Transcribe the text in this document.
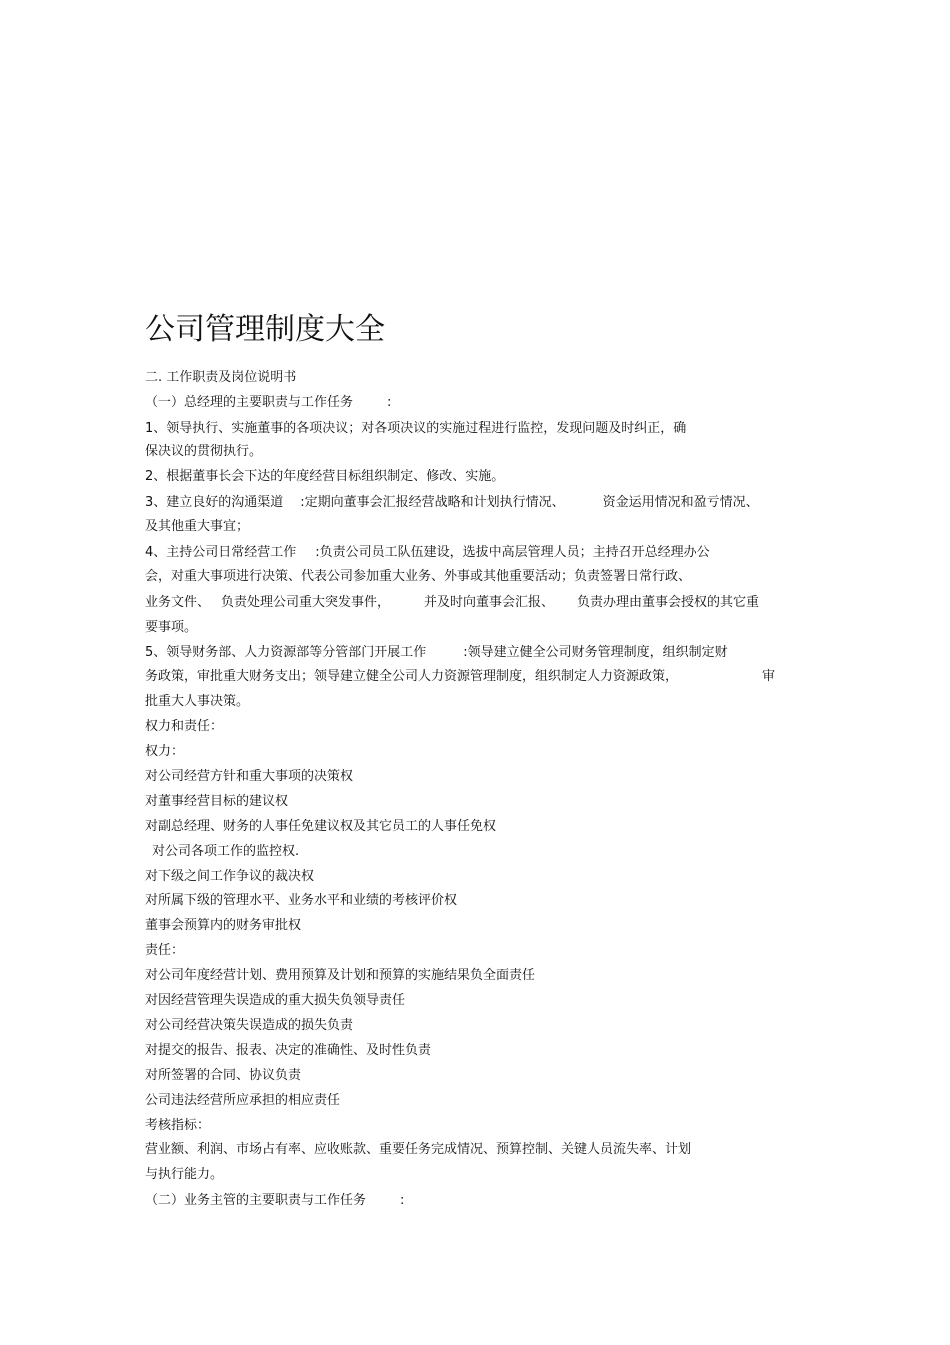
公司管理制度大全
二. 工作职责及岗位说明书
（一）总经理的主要职责与工作任务	:
1、领导执行、实施董事的各项决议；对各项决议的实施过程进行监控，发现问题及时纠正，确
保决议的贯彻执行。
2、根据董事长会下达的年度经营目标组织制定、修改、实施。
3、建立良好的沟通渠道 :定期向董事会汇报经营战略和计划执行情况、	资金运用情况和盈亏情况、
及其他重大事宜；
4、主持公司日常经营工作 :负责公司员工队伍建设，选拔中高层管理人员；主持召开总经理办公
会，对重大事项进行决策、代表公司参加重大业务、外事或其他重要活动；负责签署日常行政、
业务文件、 负责处理公司重大突发事件，	并及时向董事会汇报、 负责办理由董事会授权的其它重
要事项。
5、领导财务部、人力资源部等分管部门开展工作	:领导建立健全公司财务管理制度，组织制定财
务政策，审批重大财务支出；领导建立健全公司人力资源管理制度，组织制定人力资源政策，	审
批重大人事决策。
权力和责任：
权力：
对公司经营方针和重大事项的决策权
对董事经营目标的建议权
对副总经理、财务的人事任免建议权及其它员工的人事任免权
对公司各项工作的监控权.
对下级之间工作争议的裁决权
对所属下级的管理水平、业务水平和业绩的考核评价权
董事会预算内的财务审批权
责任：
对公司年度经营计划、费用预算及计划和预算的实施结果负全面责任
对因经营管理失误造成的重大损失负领导责任
对公司经营决策失误造成的损失负责
对提交的报告、报表、决定的准确性、及时性负责
对所签署的合同、协议负责
公司违法经营所应承担的相应责任
考核指标：
营业额、利润、市场占有率、应收账款、重要任务完成情况、预算控制、关键人员流失率、计划
与执行能力。
（二）业务主管的主要职责与工作任务	:
